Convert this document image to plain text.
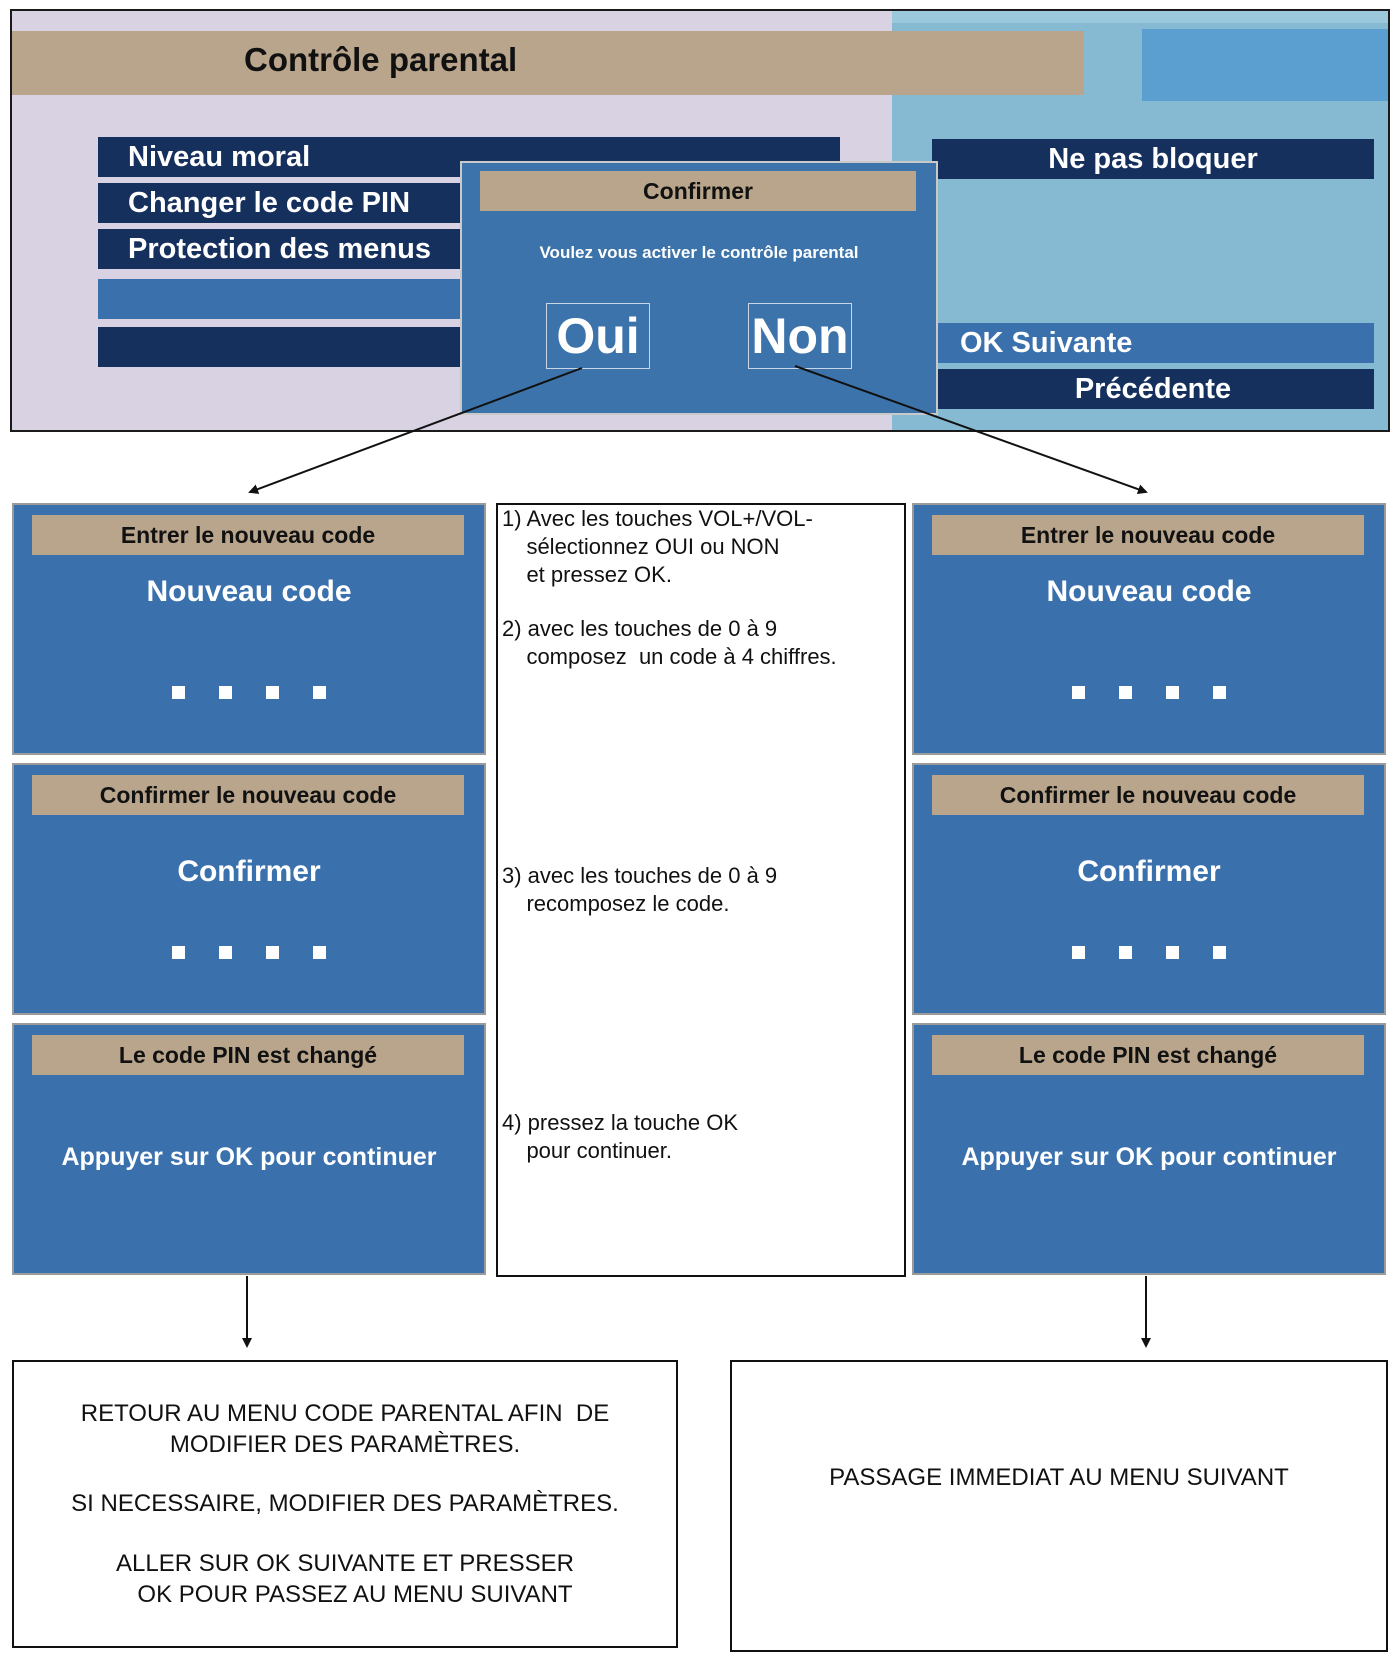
Contrôle parental
Niveau moral
Changer le code PIN
Protection des menus
Ne pas bloquer
OK Suivante
Précédente
Confirmer
Voulez vous activer le contrôle parental
Oui Non
Entrer le nouveau code
Nouveau code
Confirmer le nouveau code
Confirmer
Le code PIN est changé
Appuyer sur OK pour continuer
1) Avec les touches VOL+/VOL-
sélectionnez OUI ou NON
et pressez OK.
2) avec les touches de 0 à 9
composez  un code à 4 chiffres.
3) avec les touches de 0 à 9
recomposez le code.
4) pressez la touche OK
pour continuer.
Entrer le nouveau code
Nouveau code
Confirmer le nouveau code
Confirmer
Le code PIN est changé
Appuyer sur OK pour continuer

RETOUR AU MENU CODE PARENTAL AFIN  DE
MODIFIER DES PARAMÈTRES.

SI NECESSAIRE, MODIFIER DES PARAMÈTRES.

ALLER SUR OK SUIVANTE ET PRESSER
OK POUR PASSEZ AU MENU SUIVANT

PASSAGE IMMEDIAT AU MENU SUIVANT
